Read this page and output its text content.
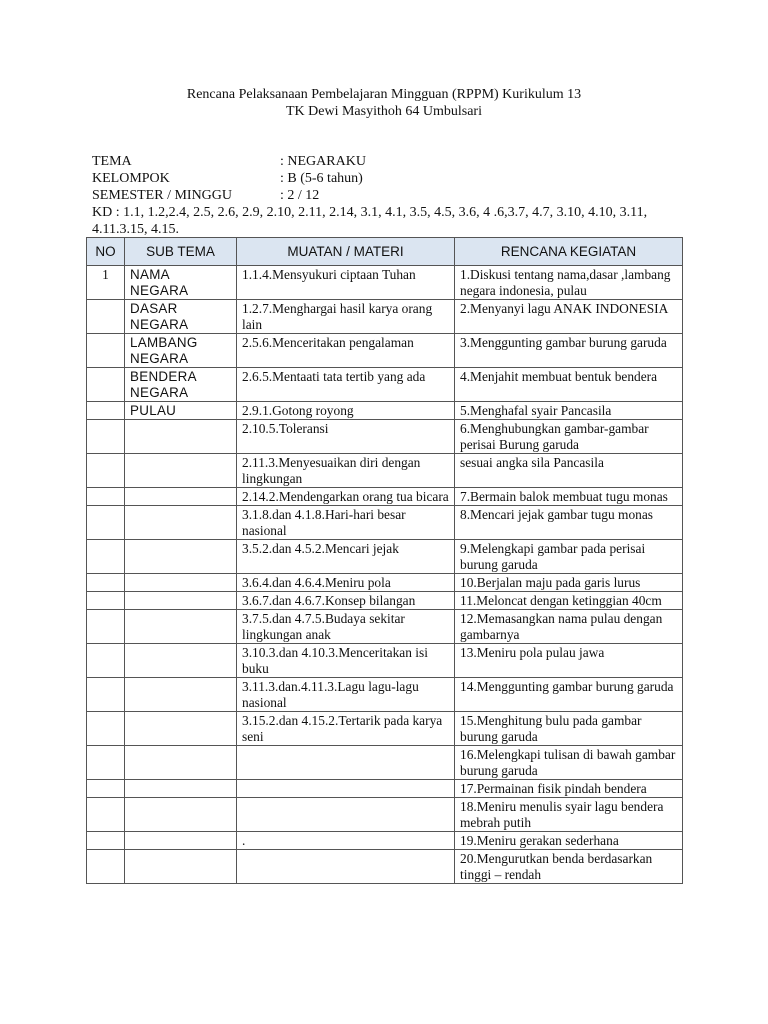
Rencana Pelaksanaan Pembelajaran Mingguan (RPPM) Kurikulum 13
TK Dewi Masyithoh 64 Umbulsari
TEMA	: NEGARAKU
KELOMPOK	: B (5-6 tahun)
SEMESTER / MINGGU	: 2 / 12
KD : 1.1, 1.2,2.4, 2.5, 2.6, 2.9, 2.10, 2.11, 2.14, 3.1, 4.1, 3.5, 4.5, 3.6, 4 .6,3.7, 4.7, 3.10, 4.10, 3.11, 4.11.3.15, 4.15.
NO	SUB TEMA	MUATAN / MATERI	RENCANA KEGIATAN
1	NAMA NEGARA	1.1.4.Mensyukuri ciptaan Tuhan	1.Diskusi tentang nama,dasar ,lambang negara indonesia, pulau
	DASAR NEGARA	1.2.7.Menghargai hasil karya orang lain	2.Menyanyi lagu ANAK INDONESIA
	LAMBANG NEGARA	2.5.6.Menceritakan pengalaman	3.Menggunting gambar burung garuda
	BENDERA NEGARA	2.6.5.Mentaati tata tertib yang ada	4.Menjahit membuat bentuk bendera
	PULAU	2.9.1.Gotong royong	5.Menghafal syair Pancasila
		2.10.5.Toleransi	6.Menghubungkan gambar-gambar perisai Burung garuda
		2.11.3.Menyesuaikan diri dengan lingkungan	sesuai angka sila Pancasila
		2.14.2.Mendengarkan orang tua bicara	7.Bermain balok membuat tugu monas
		3.1.8.dan 4.1.8.Hari-hari besar nasional	8.Mencari jejak gambar tugu monas
		3.5.2.dan 4.5.2.Mencari jejak	9.Melengkapi gambar pada perisai burung garuda
		3.6.4.dan 4.6.4.Meniru pola	10.Berjalan maju pada garis lurus
		3.6.7.dan 4.6.7.Konsep bilangan	11.Meloncat dengan ketinggian 40cm
		3.7.5.dan 4.7.5.Budaya sekitar lingkungan anak	12.Memasangkan nama pulau dengan gambarnya
		3.10.3.dan 4.10.3.Menceritakan isi buku	13.Meniru pola pulau jawa
		3.11.3.dan.4.11.3.Lagu lagu-lagu nasional	14.Menggunting gambar burung garuda
		3.15.2.dan 4.15.2.Tertarik pada karya seni	15.Menghitung bulu pada gambar burung garuda
			16.Melengkapi tulisan di bawah gambar burung garuda
			17.Permainan fisik pindah bendera
			18.Meniru menulis syair lagu bendera mebrah putih
		.	19.Meniru gerakan sederhana
			20.Mengurutkan benda berdasarkan tinggi – rendah
